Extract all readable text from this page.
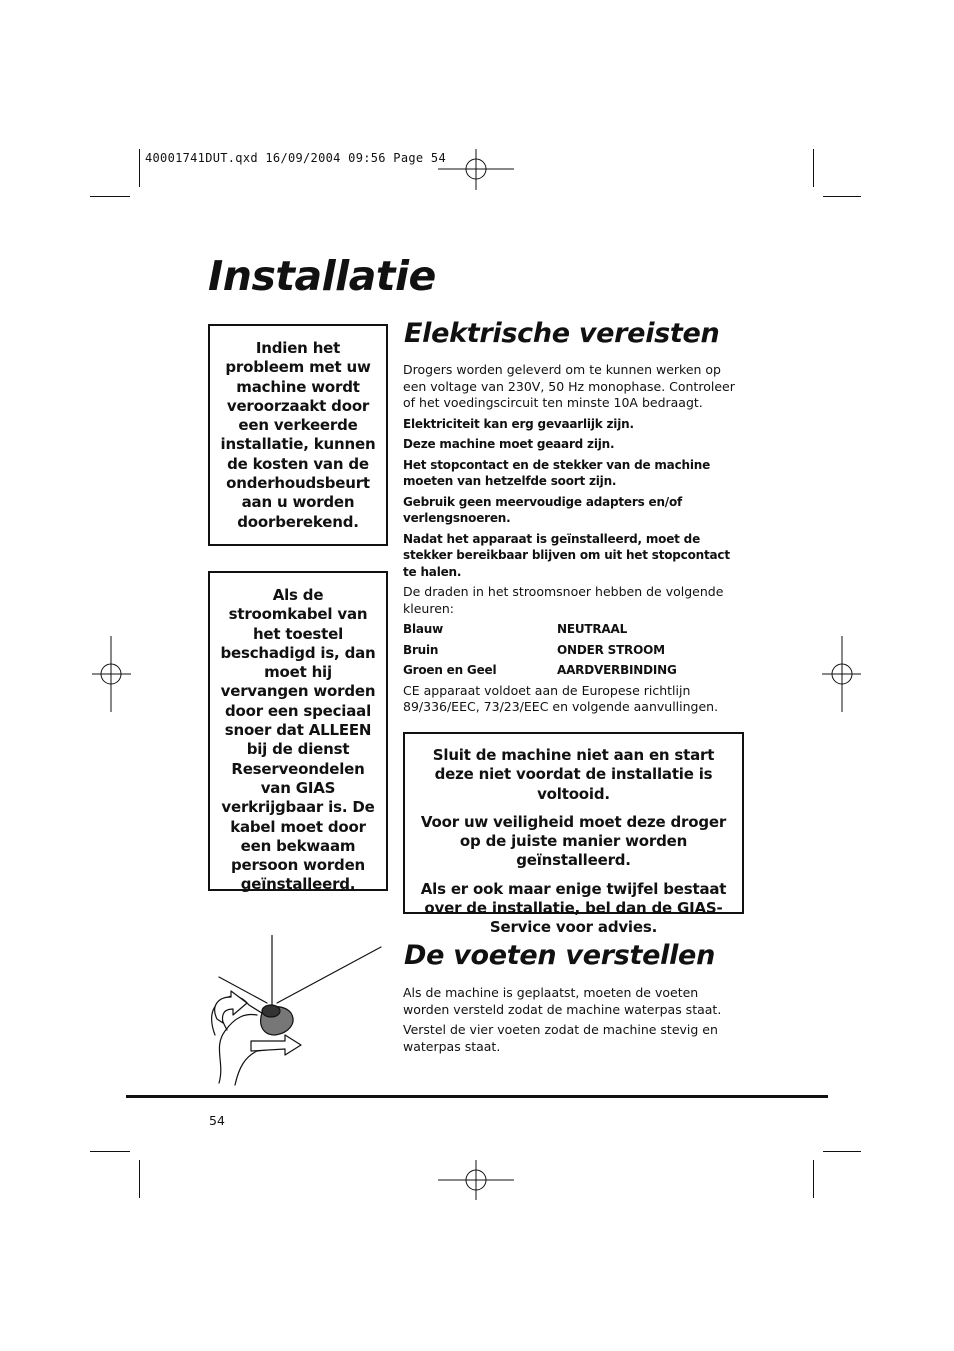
40001741DUT.qxd 16/09/2004 09:56 Page 54
Installatie
Indien het probleem met uw machine wordt veroorzaakt door een verkeerde installatie, kunnen de kosten van de onderhoudsbeurt aan u worden doorberekend.
Als de stroomkabel van het toestel beschadigd is, dan moet hij vervangen worden door een speciaal snoer dat ALLEEN bij de dienst Reserveondelen van GIAS verkrijgbaar is. De kabel moet door een bekwaam persoon worden geïnstalleerd.
Elektrische vereisten

Drogers worden geleverd om te kunnen werken op een voltage van 230V, 50 Hz monophase. Controleer of het voedingscircuit ten minste 10A bedraagt.

Elektriciteit kan erg gevaarlijk zijn.

Deze machine moet geaard zijn.

Het stopcontact en de stekker van de machine moeten van hetzelfde soort zijn.

Gebruik geen meervoudige adapters en/of verlengsnoeren.

Nadat het apparaat is geïnstalleerd, moet de stekker bereikbaar blijven om uit het stopcontact te halen.

De draden in het stroomsnoer hebben de volgende kleuren:

Blauw	NEUTRAAL
Bruin	ONDER STROOM
Groen en Geel	AARDVERBINDING

CE apparaat voldoet aan de Europese richtlijn 89/336/EEC, 73/23/EEC en volgende aanvullingen.

Sluit de machine niet aan en start deze niet voordat de installatie is voltooid.

Voor uw veiligheid moet deze droger op de juiste manier worden geïnstalleerd.

Als er ook maar enige twijfel bestaat over de installatie, bel dan de GIAS-Service voor advies.

De voeten verstellen

Als de machine is geplaatst, moeten de voeten worden versteld zodat de machine waterpas staat.

Verstel de vier voeten zodat de machine stevig en waterpas staat.

54
